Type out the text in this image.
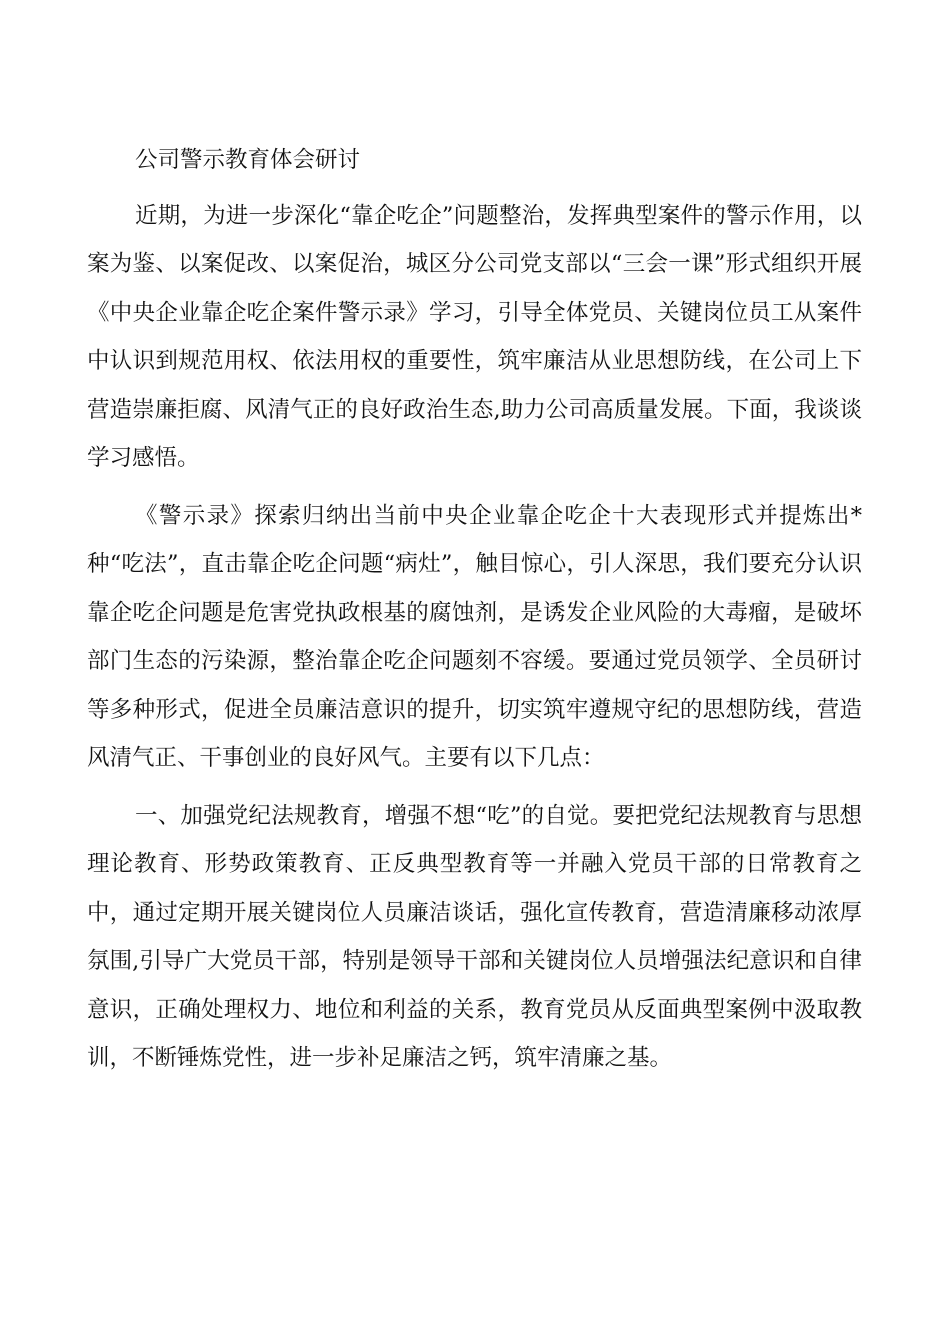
公司警示教育体会研讨

近期，为进一步深化“靠企吃企”问题整治，发挥典型案件的警示作用，以案为鉴、以案促改、以案促治，城区分公司党支部以“三会一课”形式组织开展《中央企业靠企吃企案件警示录》学习，引导全体党员、关键岗位员工从案件中认识到规范用权、依法用权的重要性，筑牢廉洁从业思想防线，在公司上下营造崇廉拒腐、风清气正的良好政治生态,助力公司高质量发展。下面，我谈谈学习感悟。

《警示录》探索归纳出当前中央企业靠企吃企十大表现形式并提炼出*种“吃法”，直击靠企吃企问题“病灶”，触目惊心，引人深思，我们要充分认识靠企吃企问题是危害党执政根基的腐蚀剂，是诱发企业风险的大毒瘤，是破坏部门生态的污染源，整治靠企吃企问题刻不容缓。要通过党员领学、全员研讨等多种形式，促进全员廉洁意识的提升，切实筑牢遵规守纪的思想防线，营造风清气正、干事创业的良好风气。主要有以下几点：

一、加强党纪法规教育，增强不想“吃”的自觉。要把党纪法规教育与思想理论教育、形势政策教育、正反典型教育等一并融入党员干部的日常教育之中，通过定期开展关键岗位人员廉洁谈话，强化宣传教育，营造清廉移动浓厚氛围,引导广大党员干部，特别是领导干部和关键岗位人员增强法纪意识和自律意识，正确处理权力、地位和利益的关系，教育党员从反面典型案例中汲取教训，不断锤炼党性，进一步补足廉洁之钙，筑牢清廉之基。
